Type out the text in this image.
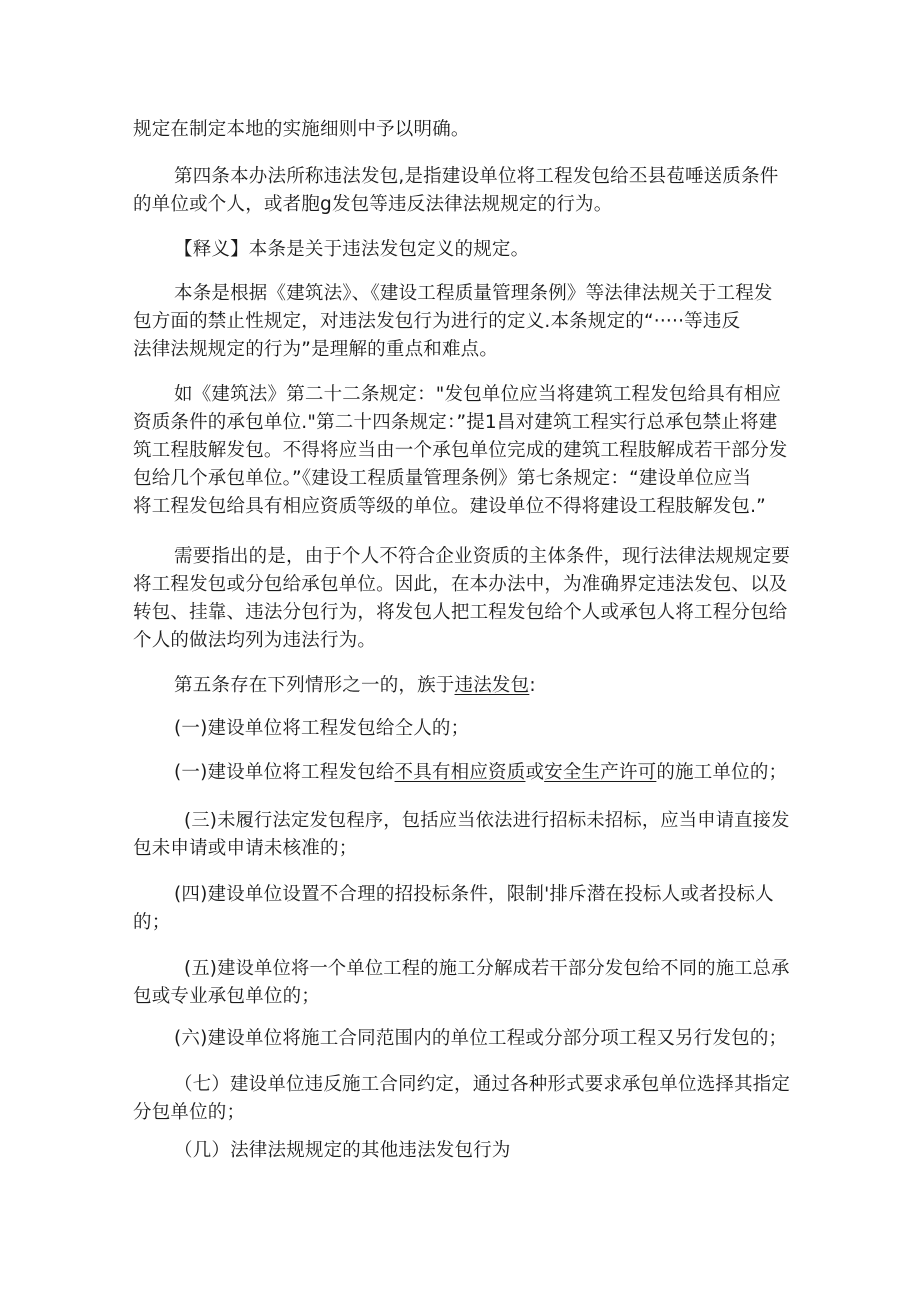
规定在制定本地的实施细则中予以明确。
第四条本办法所称违法发包,是指建设单位将工程发包给丕县苞唾送质条件
的单位或个人，或者胞g发包等违反法律法规规定的行为。
【释义】本条是关于违法发包定义的规定。
本条是根据《建筑法》、《建设工程质量管理条例》等法律法规关于工程发
包方面的禁止性规定，对违法发包行为进行的定义.本条规定的“·····等违反
法律法规规定的行为”是理解的重点和难点。
如《建筑法》第二十二条规定："发包单位应当将建筑工程发包给具有相应
资质条件的承包单位."第二十四条规定：”提1昌对建筑工程实行总承包禁止将建
筑工程肢解发包。不得将应当由一个承包单位完成的建筑工程肢解成若干部分发
包给几个承包单位。”《建设工程质量管理条例》第七条规定：“建设单位应当
将工程发包给具有相应资质等级的单位。建设单位不得将建设工程肢解发包.”
需要指出的是，由于个人不符合企业资质的主体条件，现行法律法规规定要
将工程发包或分包给承包单位。因此，在本办法中，为准确界定违法发包、以及
转包、挂靠、违法分包行为，将发包人把工程发包给个人或承包人将工程分包给
个人的做法均列为违法行为。
第五条存在下列情形之一的，族于违法发包:
(一)建设单位将工程发包给仝人的；
(一)建设单位将工程发包给不具有相应资质或安全生产许可的施工单位的；
(三)未履行法定发包程序，包括应当依法进行招标未招标，应当申请直接发
包未申请或申请未核准的；
(四)建设单位设置不合理的招投标条件，限制'排斥潜在投标人或者投标人
的；
(五)建设单位将一个单位工程的施工分解成若干部分发包给不同的施工总承
包或专业承包单位的；
(六)建设单位将施工合同范围内的单位工程或分部分项工程又另行发包的；
（七）建设单位违反施工合同约定，通过各种形式要求承包单位选择其指定
分包单位的；
（几）法律法规规定的其他违法发包行为
